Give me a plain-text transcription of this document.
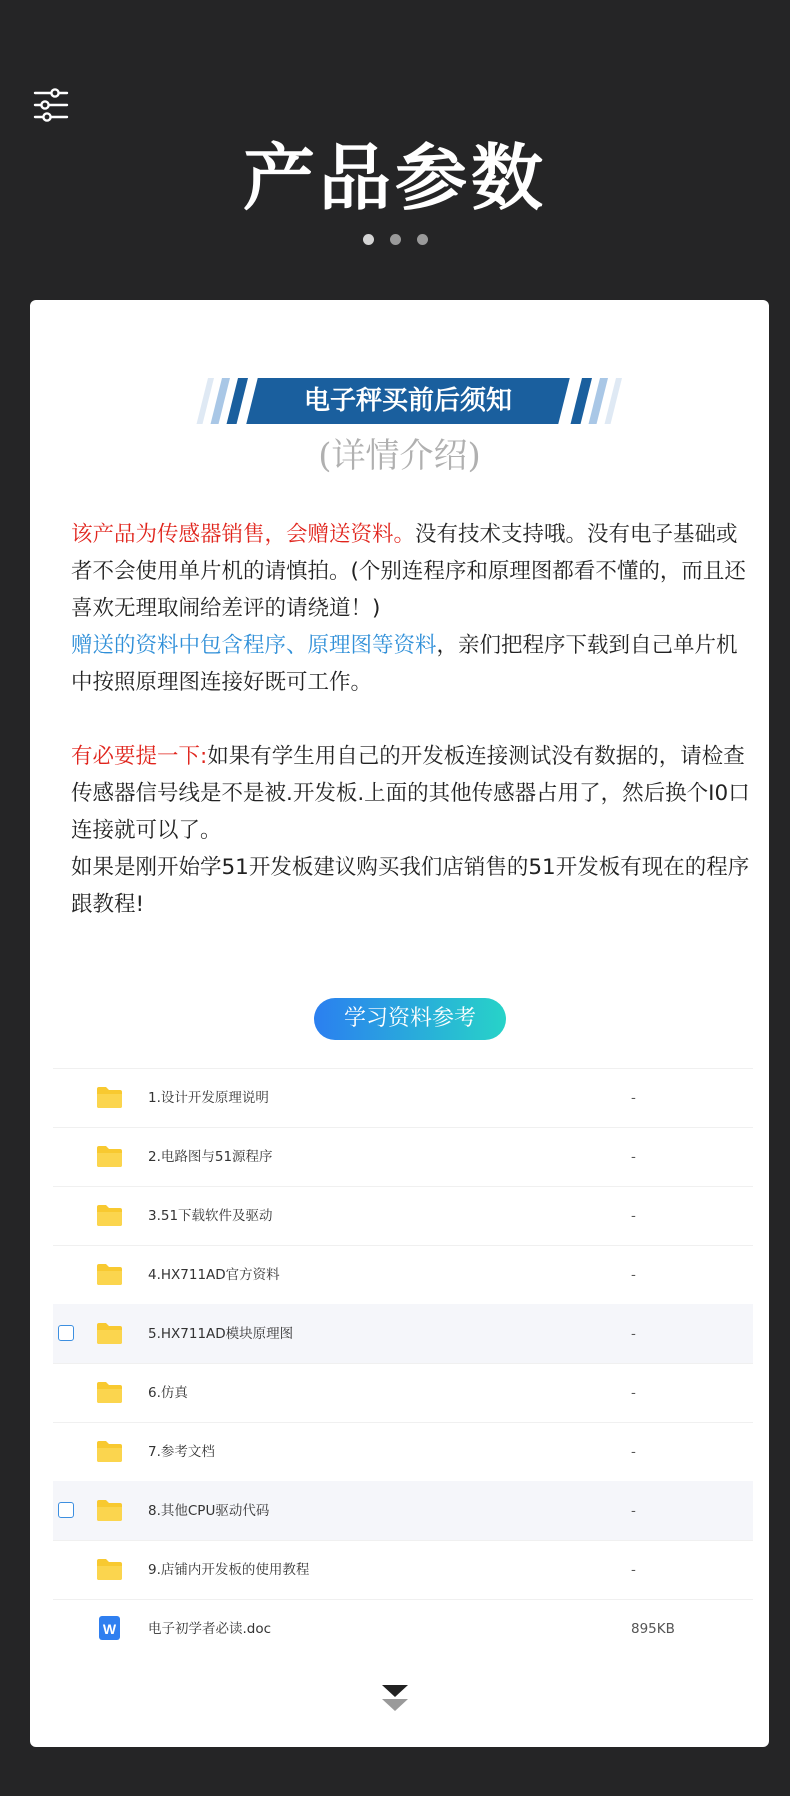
产品参数

电子秤买前后须知
(详情介绍)

该产品为传感器销售，会赠送资料。没有技术支持哦。没有电子基础或者不会使用单片机的请慎拍。(个别连程序和原理图都看不懂的，而且还喜欢无理取闹给差评的请绕道！)

赠送的资料中包含程序、原理图等资料，亲们把程序下载到自己单片机中按照原理图连接好既可工作。

有必要提一下:如果有学生用自己的开发板连接测试没有数据的，请检查传感器信号线是不是被.开发板.上面的其他传感器占用了，然后换个I0口连接就可以了。

如果是刚开始学51开发板建议购买我们店销售的51开发板有现在的程序跟教程!

学习资料参考
1.设计开发原理说明	-
2.电路图与51源程序	-
3.51下载软件及驱动	-
4.HX711AD官方资料	-
5.HX711AD模块原理图	-
6.仿真	-
7.参考文档	-
8.其他CPU驱动代码	-
9.店铺内开发板的使用教程	-
W 电子初学者必读.doc	895KB
